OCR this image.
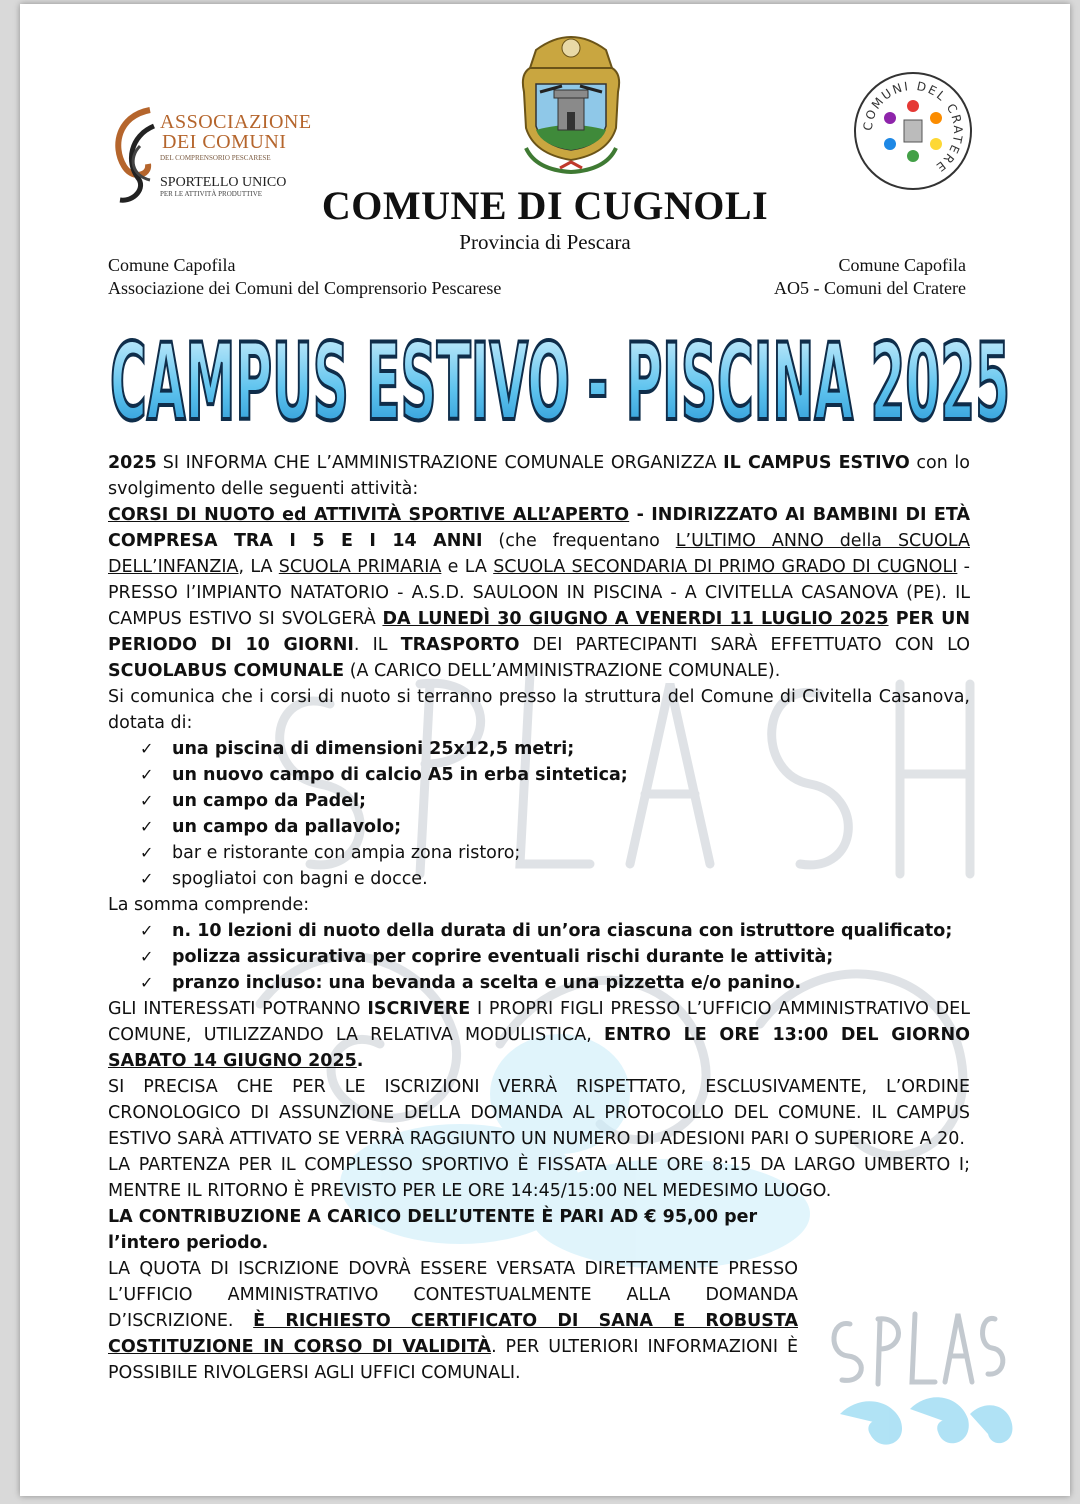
ASSOCIAZIONE
DEI COMUNI
DEL COMPRENSORIO PESCARESE
SPORTELLO UNICO
PER LE ATTIVITÀ PRODUTTIVE
COMUNI DEL CRATERE
COMUNE DI CUGNOLI
Provincia di Pescara
Comune Capofila
Associazione dei Comuni del Comprensorio Pescarese
Comune Capofila
AO5 - Comuni del Cratere
CAMPUS ESTIVO - PISCINA 2025

SI INFORMA CHE L’AMMINISTRAZIONE COMUNALE ORGANIZZA IL CAMPUS ESTIVO
2025	con lo svolgimento delle seguenti attività:

CORSI DI NUOTO ed ATTIVITÀ SPORTIVE ALL’APERTO - INDIRIZZATO AI BAMBINI DI ETÀ COMPRESA TRA I 5 E I 14 ANNI (che frequentano L’ULTIMO ANNO della SCUOLA DELL’INFANZIA, LA SCUOLA PRIMARIA e LA SCUOLA SECONDARIA DI PRIMO GRADO DI CUGNOLI - PRESSO l’IMPIANTO NATATORIO - A.S.D. SAULOON IN PISCINA - A CIVITELLA CASANOVA (PE). IL CAMPUS ESTIVO SI SVOLGERÀ DA LUNEDÌ 30 GIUGNO A VENERDI 11 LUGLIO 2025 PER UN PERIODO DI 10 GIORNI. IL TRASPORTO DEI PARTECIPANTI SARÀ EFFETTUATO CON LO SCUOLABUS COMUNALE (A CARICO DELL’AMMINISTRAZIONE COMUNALE).

Si comunica che i corsi di nuoto si terranno presso la struttura del Comune di Civitella Casanova, dotata di:

✓ una piscina di dimensioni 25x12,5 metri;
✓ un nuovo campo di calcio A5 in erba sintetica;
✓ un campo da Padel;
✓ un campo da pallavolo;
✓ bar e ristorante con ampia zona ristoro;
✓ spogliatoi con bagni e docce.

La somma comprende:

✓ n. 10 lezioni di nuoto della durata di un’ora ciascuna con istruttore qualificato;
✓ polizza assicurativa per coprire eventuali rischi durante le attività;
✓ pranzo incluso: una bevanda a scelta e una pizzetta e/o panino.

GLI INTERESSATI POTRANNO ISCRIVERE I PROPRI FIGLI PRESSO L’UFFICIO AMMINISTRATIVO DEL COMUNE, UTILIZZANDO LA RELATIVA MODULISTICA, ENTRO LE ORE 13:00 DEL GIORNO SABATO 14 GIUGNO 2025.

SI PRECISA CHE PER LE ISCRIZIONI VERRÀ RISPETTATO, ESCLUSIVAMENTE, L’ORDINE CRONOLOGICO DI ASSUNZIONE DELLA DOMANDA AL PROTOCOLLO DEL COMUNE. IL CAMPUS ESTIVO SARÀ ATTIVATO SE VERRÀ RAGGIUNTO UN NUMERO DI ADESIONI PARI O SUPERIORE A 20.

LA PARTENZA PER IL COMPLESSO SPORTIVO È FISSATA ALLE ORE 8:15 DA LARGO UMBERTO I; MENTRE IL RITORNO È PREVISTO PER LE ORE 14:45/15:00 NEL MEDESIMO LUOGO.

LA CONTRIBUZIONE A CARICO DELL’UTENTE È PARI AD € 95,00 per

l’intero periodo.

LA QUOTA DI ISCRIZIONE DOVRÀ ESSERE VERSATA DIRETTAMENTE PRESSO L’UFFICIO AMMINISTRATIVO CONTESTUALMENTE ALLA DOMANDA D’ISCRIZIONE. È RICHIESTO CERTIFICATO DI SANA E ROBUSTA COSTITUZIONE IN CORSO DI VALIDITÀ. PER ULTERIORI INFORMAZIONI È POSSIBILE RIVOLGERSI AGLI UFFICI COMUNALI.
